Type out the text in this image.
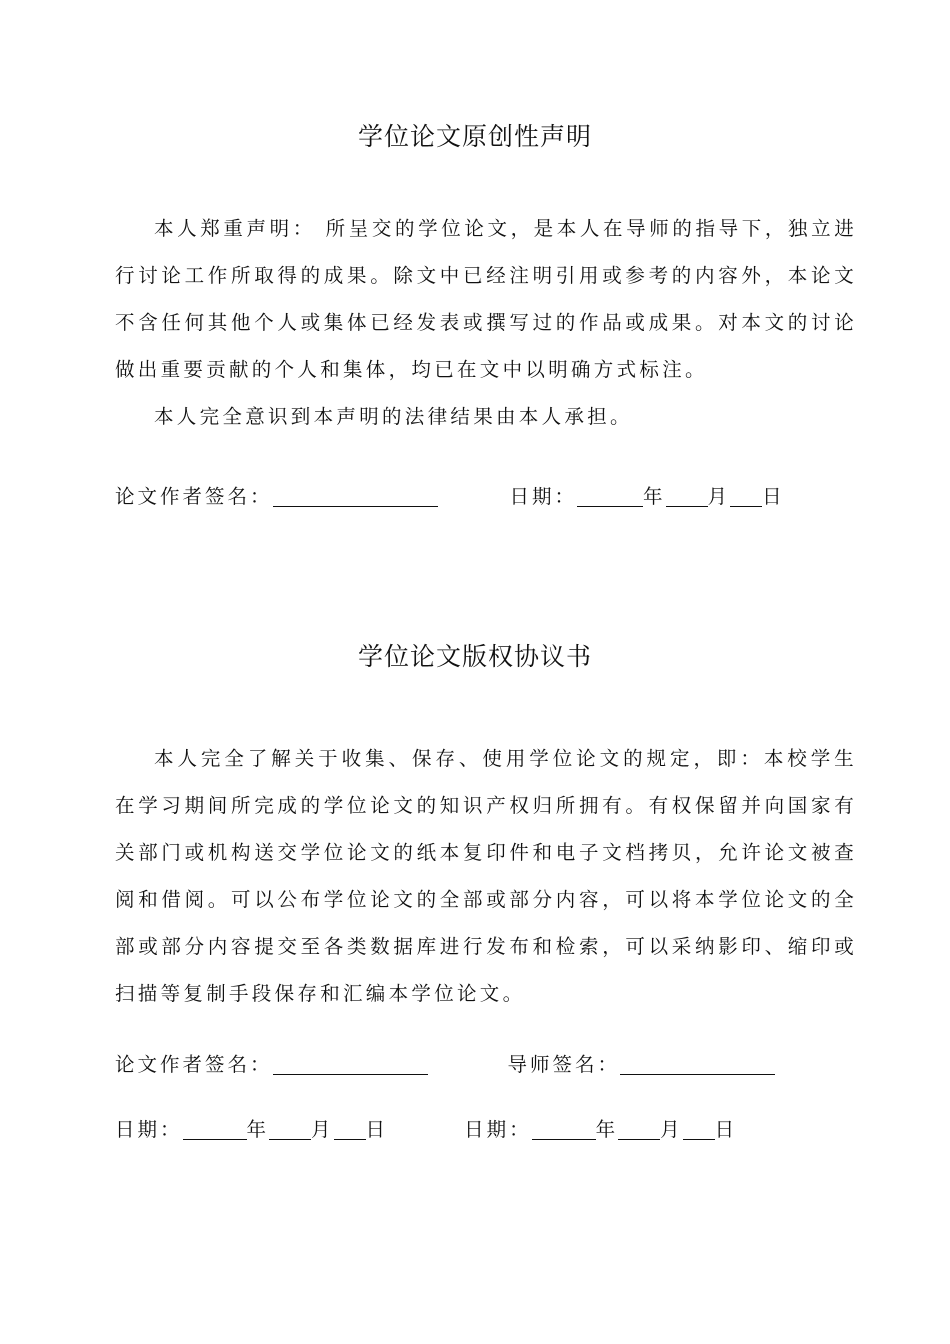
学位论文原创性声明

本人郑重声明： 所呈交的学位论文，是本人在导师的指导下，独立进行讨论工作所取得的成果。除文中已经注明引用或参考的内容外，本论文不含任何其他个人或集体已经发表或撰写过的作品或成果。对本文的讨论做出重要贡献的个人和集体，均已在文中以明确方式标注。

本人完全意识到本声明的法律结果由本人承担。

论文作者签名：	日期：	年 月 日
学位论文版权协议书

本人完全了解关于收集、保存、使用学位论文的规定，即：本校学生在学习期间所完成的学位论文的知识产权归所拥有。有权保留并向国家有关部门或机构送交学位论文的纸本复印件和电子文档拷贝，允许论文被查阅和借阅。可以公布学位论文的全部或部分内容，可以将本学位论文的全部或部分内容提交至各类数据库进行发布和检索，可以采纳影印、缩印或扫描等复制手段保存和汇编本学位论文。

论文作者签名：	导师签名：
日期：	年 月 日	日期：	年 月 日
